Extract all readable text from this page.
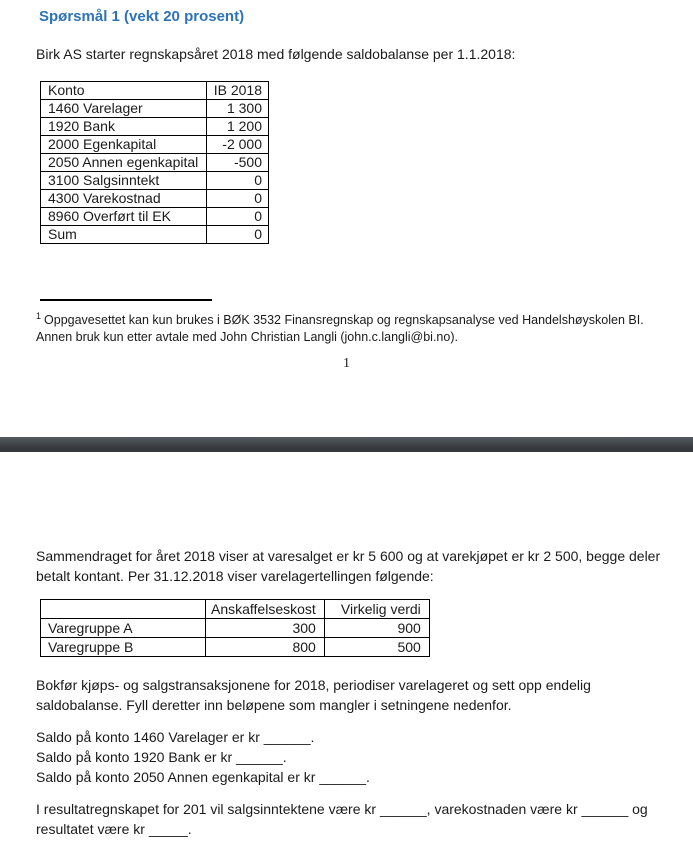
Spørsmål 1 (vekt 20 prosent)
Birk AS starter regnskapsåret 2018 med følgende saldobalanse per 1.1.2018:
Konto	IB 2018
1460 Varelager	1 300
1920 Bank	1 200
2000 Egenkapital	-2 000
2050 Annen egenkapital	-500
3100 Salgsinntekt	0
4300 Varekostnad	0
8960 Overført til EK	0
Sum	0
$^1$ Oppgavesettet kan kun brukes i BØK 3532 Finansregnskap og regnskapsanalyse ved Handelshøyskolen BI.
Annen bruk kun etter avtale med John Christian Langli (john.c.langli@bi.no).
1
Sammendraget for året 2018 viser at varesalget er kr 5 600 og at varekjøpet er kr 2 500, begge deler
betalt kontant. Per 31.12.2018 viser varelagertellingen følgende:
	Anskaffelseskost	Virkelig verdi
Varegruppe A	300	900
Varegruppe B	800	500
Bokfør kjøps- og salgstransaksjonene for 2018, periodiser varelageret og sett opp endelig
saldobalanse. Fyll deretter inn beløpene som mangler i setningene nedenfor.
Saldo på konto 1460 Varelager er kr ______.
Saldo på konto 1920 Bank er kr ______.
Saldo på konto 2050 Annen egenkapital er kr ______.
I resultatregnskapet for 201 vil salgsinntektene være kr ______, varekostnaden være kr ______ og
resultatet være kr _____.
